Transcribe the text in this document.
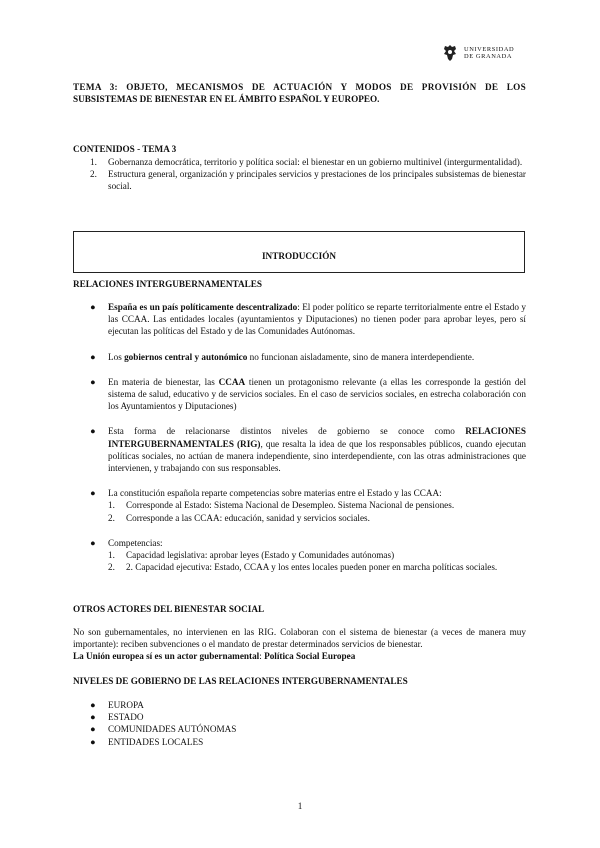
UNIVERSIDAD
DE GRANADA
TEMA 3: OBJETO, MECANISMOS DE ACTUACIÓN Y MODOS DE PROVISIÓN DE LOS
SUBSISTEMAS DE BIENESTAR EN EL ÁMBITO ESPAÑOL Y EUROPEO.
CONTENIDOS - TEMA 3
1. Gobernanza democrática, territorio y política social: el bienestar en un gobierno multinivel (intergurmentalidad).
2. Estructura general, organización y principales servicios y prestaciones de los principales subsistemas de bienestar social.
INTRODUCCIÓN
RELACIONES INTERGUBERNAMENTALES
● España es un país políticamente descentralizado: El poder político se reparte territorialmente entre el Estado y las CCAA. Las entidades locales (ayuntamientos y Diputaciones) no tienen poder para aprobar leyes, pero sí ejecutan las políticas del Estado y de las Comunidades Autónomas.
● Los gobiernos central y autonómico no funcionan aisladamente, sino de manera interdependiente.
● En materia de bienestar, las CCAA tienen un protagonismo relevante (a ellas les corresponde la gestión del sistema de salud, educativo y de servicios sociales. En el caso de servicios sociales, en estrecha colaboración con los Ayuntamientos y Diputaciones)
● Esta forma de relacionarse distintos niveles de gobierno se conoce como RELACIONES INTERGUBERNAMENTALES (RIG), que resalta la idea de que los responsables públicos, cuando ejecutan políticas sociales, no actúan de manera independiente, sino interdependiente, con las otras administraciones que intervienen, y trabajando con sus responsables.
● La constitución española reparte competencias sobre materias entre el Estado y las CCAA:
1. Corresponde al Estado: Sistema Nacional de Desempleo. Sistema Nacional de pensiones.
2. Corresponde a las CCAA: educación, sanidad y servicios sociales.
● Competencias:
1. Capacidad legislativa: aprobar leyes (Estado y Comunidades autónomas)
2. 2. Capacidad ejecutiva: Estado, CCAA y los entes locales pueden poner en marcha políticas sociales.
OTROS ACTORES DEL BIENESTAR SOCIAL
No son gubernamentales, no intervienen en las RIG. Colaboran con el sistema de bienestar (a veces de manera muy importante): reciben subvenciones o el mandato de prestar determinados servicios de bienestar.
La Unión europea sí es un actor gubernamental: Política Social Europea
NIVELES DE GOBIERNO DE LAS RELACIONES INTERGUBERNAMENTALES
● EUROPA
● ESTADO
● COMUNIDADES AUTÓNOMAS
● ENTIDADES LOCALES
1
